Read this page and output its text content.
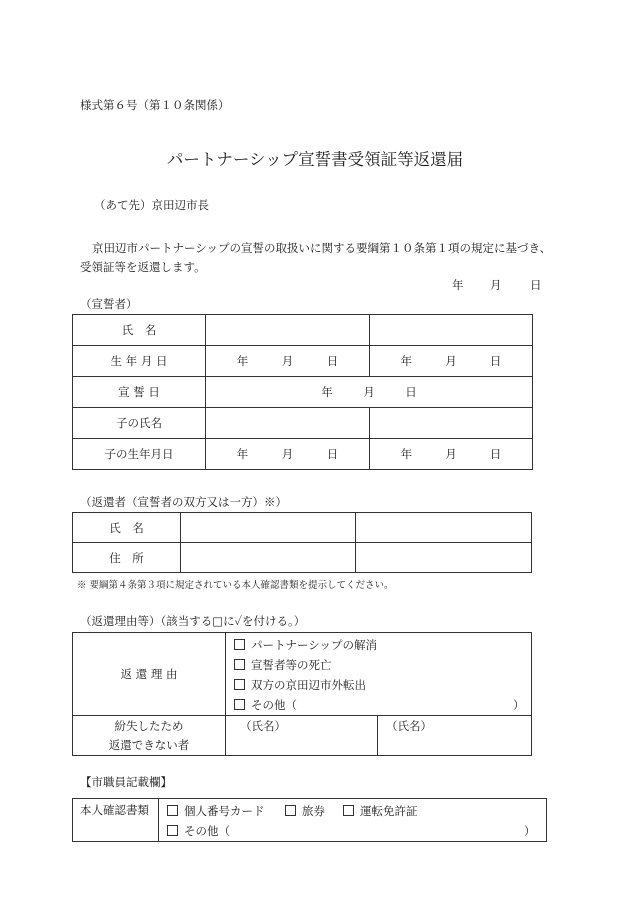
様式第６号（第１０条関係）
パートナーシップ宣誓書受領証等返還届
（あて先）京田辺市長
京田辺市パートナーシップの宣誓の取扱いに関する要綱第１０条第１項の規定に基づき、
受領証等を返還します。
年 月 日
（宣誓者）
氏　名		
生 年 月 日	年 月 日	年 月 日

宣 誓 日	年 月 日	

子の氏名		
子の生年月日	年 月 日	年 月 日
（返還者（宣誓者の双方又は一方）※）
氏　名		
住　所		
※ 要綱第４条第３項に規定されている本人確認書類を提示してください。
（返還理由等）（該当する□に✓を付ける。）
返 還 理 由	パートナーシップの解消
宣誓者等の死亡
双方の京田辺市外転出
その他（ ）	

紛失したため
返還できない者	（氏名）	（氏名）
【市職員記載欄】
本人確認書類	個人番号カード	旅券	運転免許証
その他（	）
